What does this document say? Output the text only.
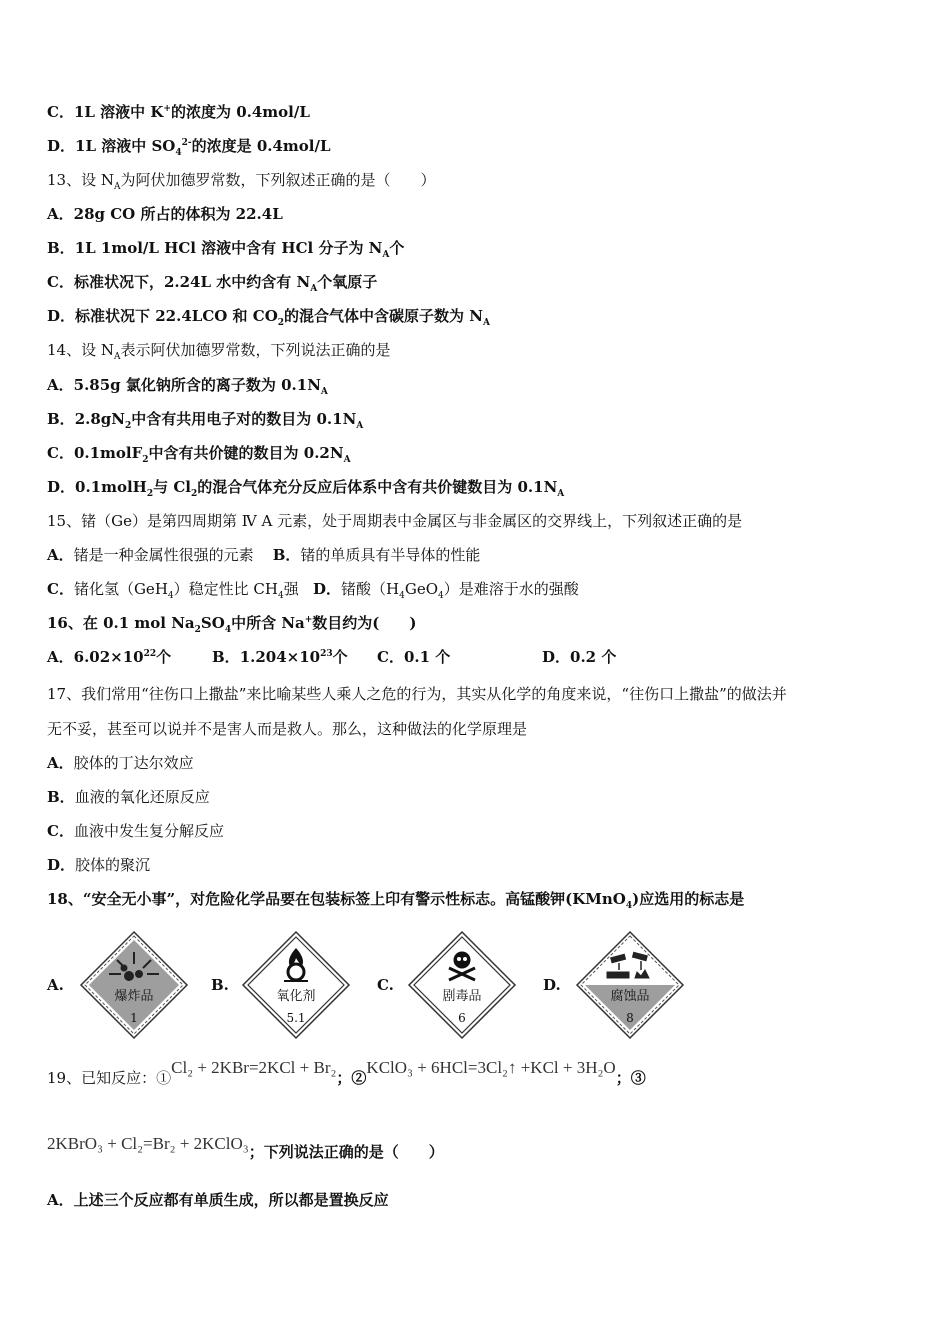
C．1L 溶液中 K+的浓度为 0.4mol/L
D．1L 溶液中 $SO_4^{2-}$的浓度是 0.4mol/L
13、设 $N_A$为阿伏加德罗常数，下列叙述正确的是（　　）
A．28g CO 所占的体积为 22.4L
B．1L 1mol/L HCl 溶液中含有 HCl 分子为 $N_A$个
C．标准状况下，2.24L 水中约含有 $N_A$个氧原子
D．标准状况下 22.4LCO 和 $CO_2$的混合气体中含碳原子数为 $N_A$
14、设 $N_A$表示阿伏加德罗常数，下列说法正确的是
A．5.85g 氯化钠所含的离子数为 $0.1N_A$
B．$2.8gN_2$中含有共用电子对的数目为 $0.1N_A$
C．0.1molF$_2$中含有共价键的数目为 $0.2N_A$
D．0.1molH$_2$与 $Cl_2$的混合气体充分反应后体系中含有共价键数目为 $0.1N_A$
15、锗（Ge）是第四周期第 Ⅳ A 元素，处于周期表中金属区与非金属区的交界线上，下列叙述正确的是
A．锗是一种金属性很强的元素 B．锗的单质具有半导体的性能
C．锗化氢（GeH$_4$）稳定性比 $CH_4$强 D．锗酸$(H_4GeO_4)$是难溶于水的强酸
16、在 0.1 mol $Na_2SO_4$中所含 Na+数目约为(　　)
A．$6.02\times 10^{22}$个	B．$1.204\times 10^{23}$个 C．0.1 个	D．0.2 个
17、我们常用“往伤口上撒盐”来比喻某些人乘人之危的行为，其实从化学的角度来说，“往伤口上撒盐”的做法并
无不妥，甚至可以说并不是害人而是救人。那么，这种做法的化学原理是
A．胶体的丁达尔效应
B．血液的氧化还原反应
C．血液中发生复分解反应
D．胶体的聚沉
18、“安全无小事”，对危险化学品要在包装标签上印有警示性标志。高锰酸钾(KMnO$_4$)应选用的标志是
A.
爆炸品
1
B.
氧化剂
5.1
C.
剧毒品
6
D.
腐蚀品
8
19、已知反应：①Cl₂ + 2KBr=2KCl + Br₂；②KClO₃ + 6HCl=3Cl₂↑ +KCl + 3H₂O；③
2KBrO₃ + Cl₂=Br₂ + 2KClO₃；下列说法正确的是（　　）
A．上述三个反应都有单质生成，所以都是置换反应
